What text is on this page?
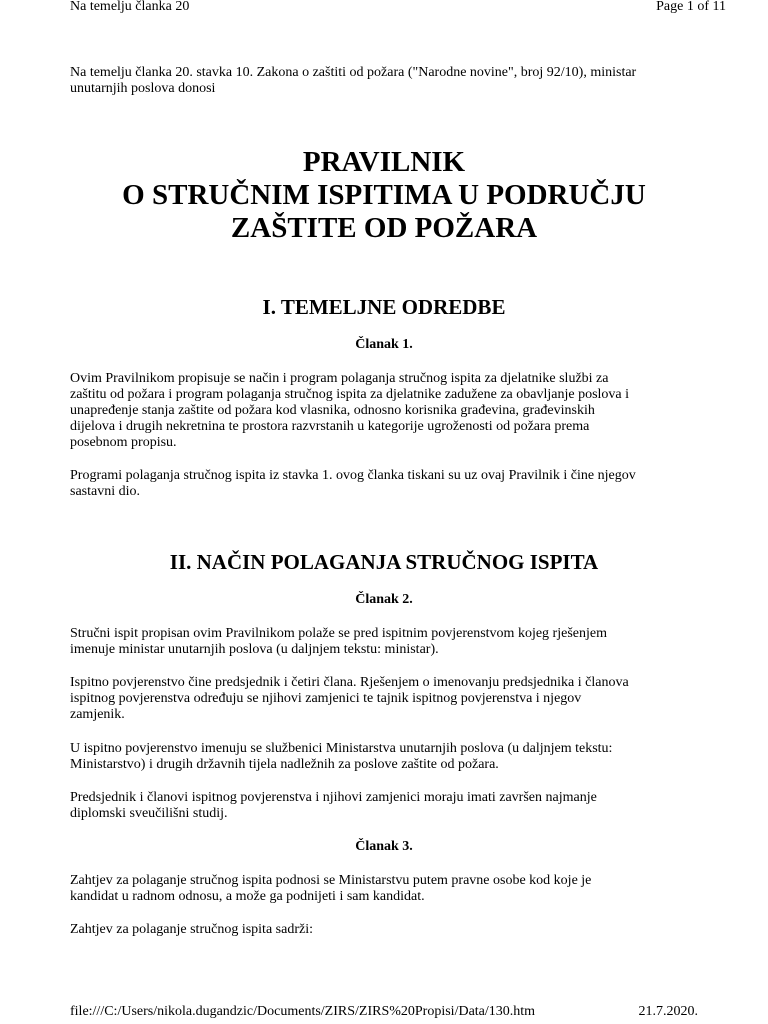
Na temelju članka 20	Page 1 of 11
Na temelju članka 20. stavka 10. Zakona o zaštiti od požara ("Narodne novine", broj 92/10), ministar
unutarnjih poslova donosi
PRAVILNIK
O STRUČNIM ISPITIMA U PODRUČJU
ZAŠTITE OD POŽARA
I. TEMELJNE ODREDBE
Članak 1.
Ovim Pravilnikom propisuje se način i program polaganja stručnog ispita za djelatnike službi za
zaštitu od požara i program polaganja stručnog ispita za djelatnike zadužene za obavljanje poslova i
unapređenje stanja zaštite od požara kod vlasnika, odnosno korisnika građevina, građevinskih
dijelova i drugih nekretnina te prostora razvrstanih u kategorije ugroženosti od požara prema
posebnom propisu.
Programi polaganja stručnog ispita iz stavka 1. ovog članka tiskani su uz ovaj Pravilnik i čine njegov
sastavni dio.
II. NAČIN POLAGANJA STRUČNOG ISPITA
Članak 2.
Stručni ispit propisan ovim Pravilnikom polaže se pred ispitnim povjerenstvom kojeg rješenjem
imenuje ministar unutarnjih poslova (u daljnjem tekstu: ministar).
Ispitno povjerenstvo čine predsjednik i četiri člana. Rješenjem o imenovanju predsjednika i članova
ispitnog povjerenstva određuju se njihovi zamjenici te tajnik ispitnog povjerenstva i njegov
zamjenik.
U ispitno povjerenstvo imenuju se službenici Ministarstva unutarnjih poslova (u daljnjem tekstu:
Ministarstvo) i drugih državnih tijela nadležnih za poslove zaštite od požara.
Predsjednik i članovi ispitnog povjerenstva i njihovi zamjenici moraju imati završen najmanje
diplomski sveučilišni studij.
Članak 3.
Zahtjev za polaganje stručnog ispita podnosi se Ministarstvu putem pravne osobe kod koje je
kandidat u radnom odnosu, a može ga podnijeti i sam kandidat.
Zahtjev za polaganje stručnog ispita sadrži:
file:///C:/Users/nikola.dugandzic/Documents/ZIRS/ZIRS%20Propisi/Data/130.htm	21.7.2020.
